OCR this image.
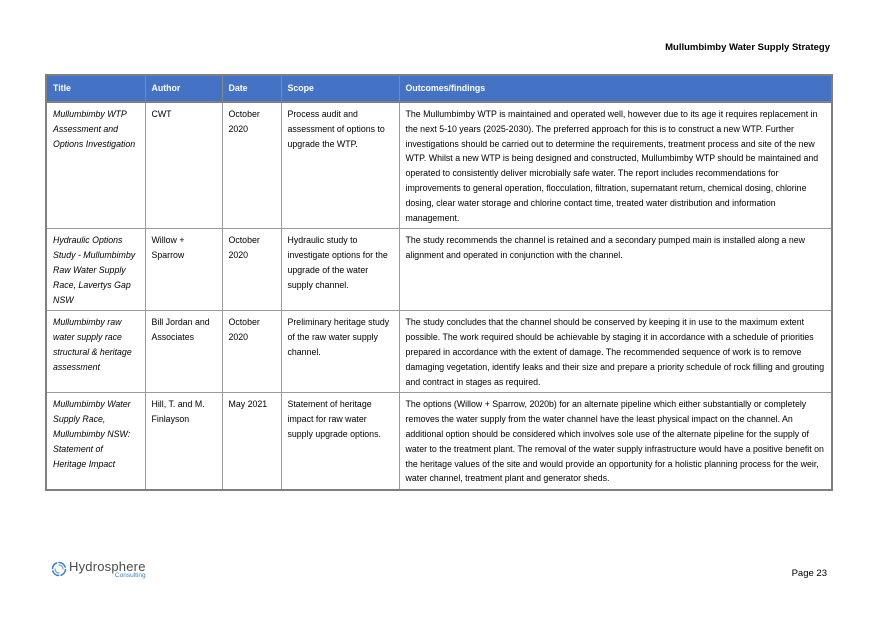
Mullumbimby Water Supply Strategy
Title	Author	Date	Scope	Outcomes/findings
Mullumbimby WTP Assessment and Options Investigation	CWT	October 2020	Process audit and assessment of options to upgrade the WTP.	The Mullumbimby WTP is maintained and operated well, however due to its age it requires replacement in the next 5-10 years (2025-2030). The preferred approach for this is to construct a new WTP. Further investigations should be carried out to determine the requirements, treatment process and site of the new WTP. Whilst a new WTP is being designed and constructed, Mullumbimby WTP should be maintained and operated to consistently deliver microbially safe water. The report includes recommendations for improvements to general operation, flocculation, filtration, supernatant return, chemical dosing, chlorine dosing, clear water storage and chlorine contact time, treated water distribution and information management.
Hydraulic Options Study - Mullumbimby Raw Water Supply Race, Lavertys Gap NSW	Willow + Sparrow	October 2020	Hydraulic study to investigate options for the upgrade of the water supply channel.	The study recommends the channel is retained and a secondary pumped main is installed along a new alignment and operated in conjunction with the channel.
Mullumbimby raw water supply race structural & heritage assessment	Bill Jordan and Associates	October 2020	Preliminary heritage study of the raw water supply channel.	The study concludes that the channel should be conserved by keeping it in use to the maximum extent possible. The work required should be achievable by staging it in accordance with a schedule of priorities prepared in accordance with the extent of damage. The recommended sequence of work is to remove damaging vegetation, identify leaks and their size and prepare a priority schedule of rock filling and grouting and contract in stages as required.
Mullumbimby Water Supply Race, Mullumbimby NSW: Statement of Heritage Impact	Hill, T. and M. Finlayson	May 2021	Statement of heritage impact for raw water supply upgrade options.	The options (Willow + Sparrow, 2020b) for an alternate pipeline which either substantially or completely removes the water supply from the water channel have the least physical impact on the channel. An additional option should be considered which involves sole use of the alternate pipeline for the supply of water to the treatment plant. The removal of the water supply infrastructure would have a positive benefit on the heritage values of the site and would provide an opportunity for a holistic planning process for the weir, water channel, treatment plant and generator sheds.
Hydrosphere
Consulting	Page 23
